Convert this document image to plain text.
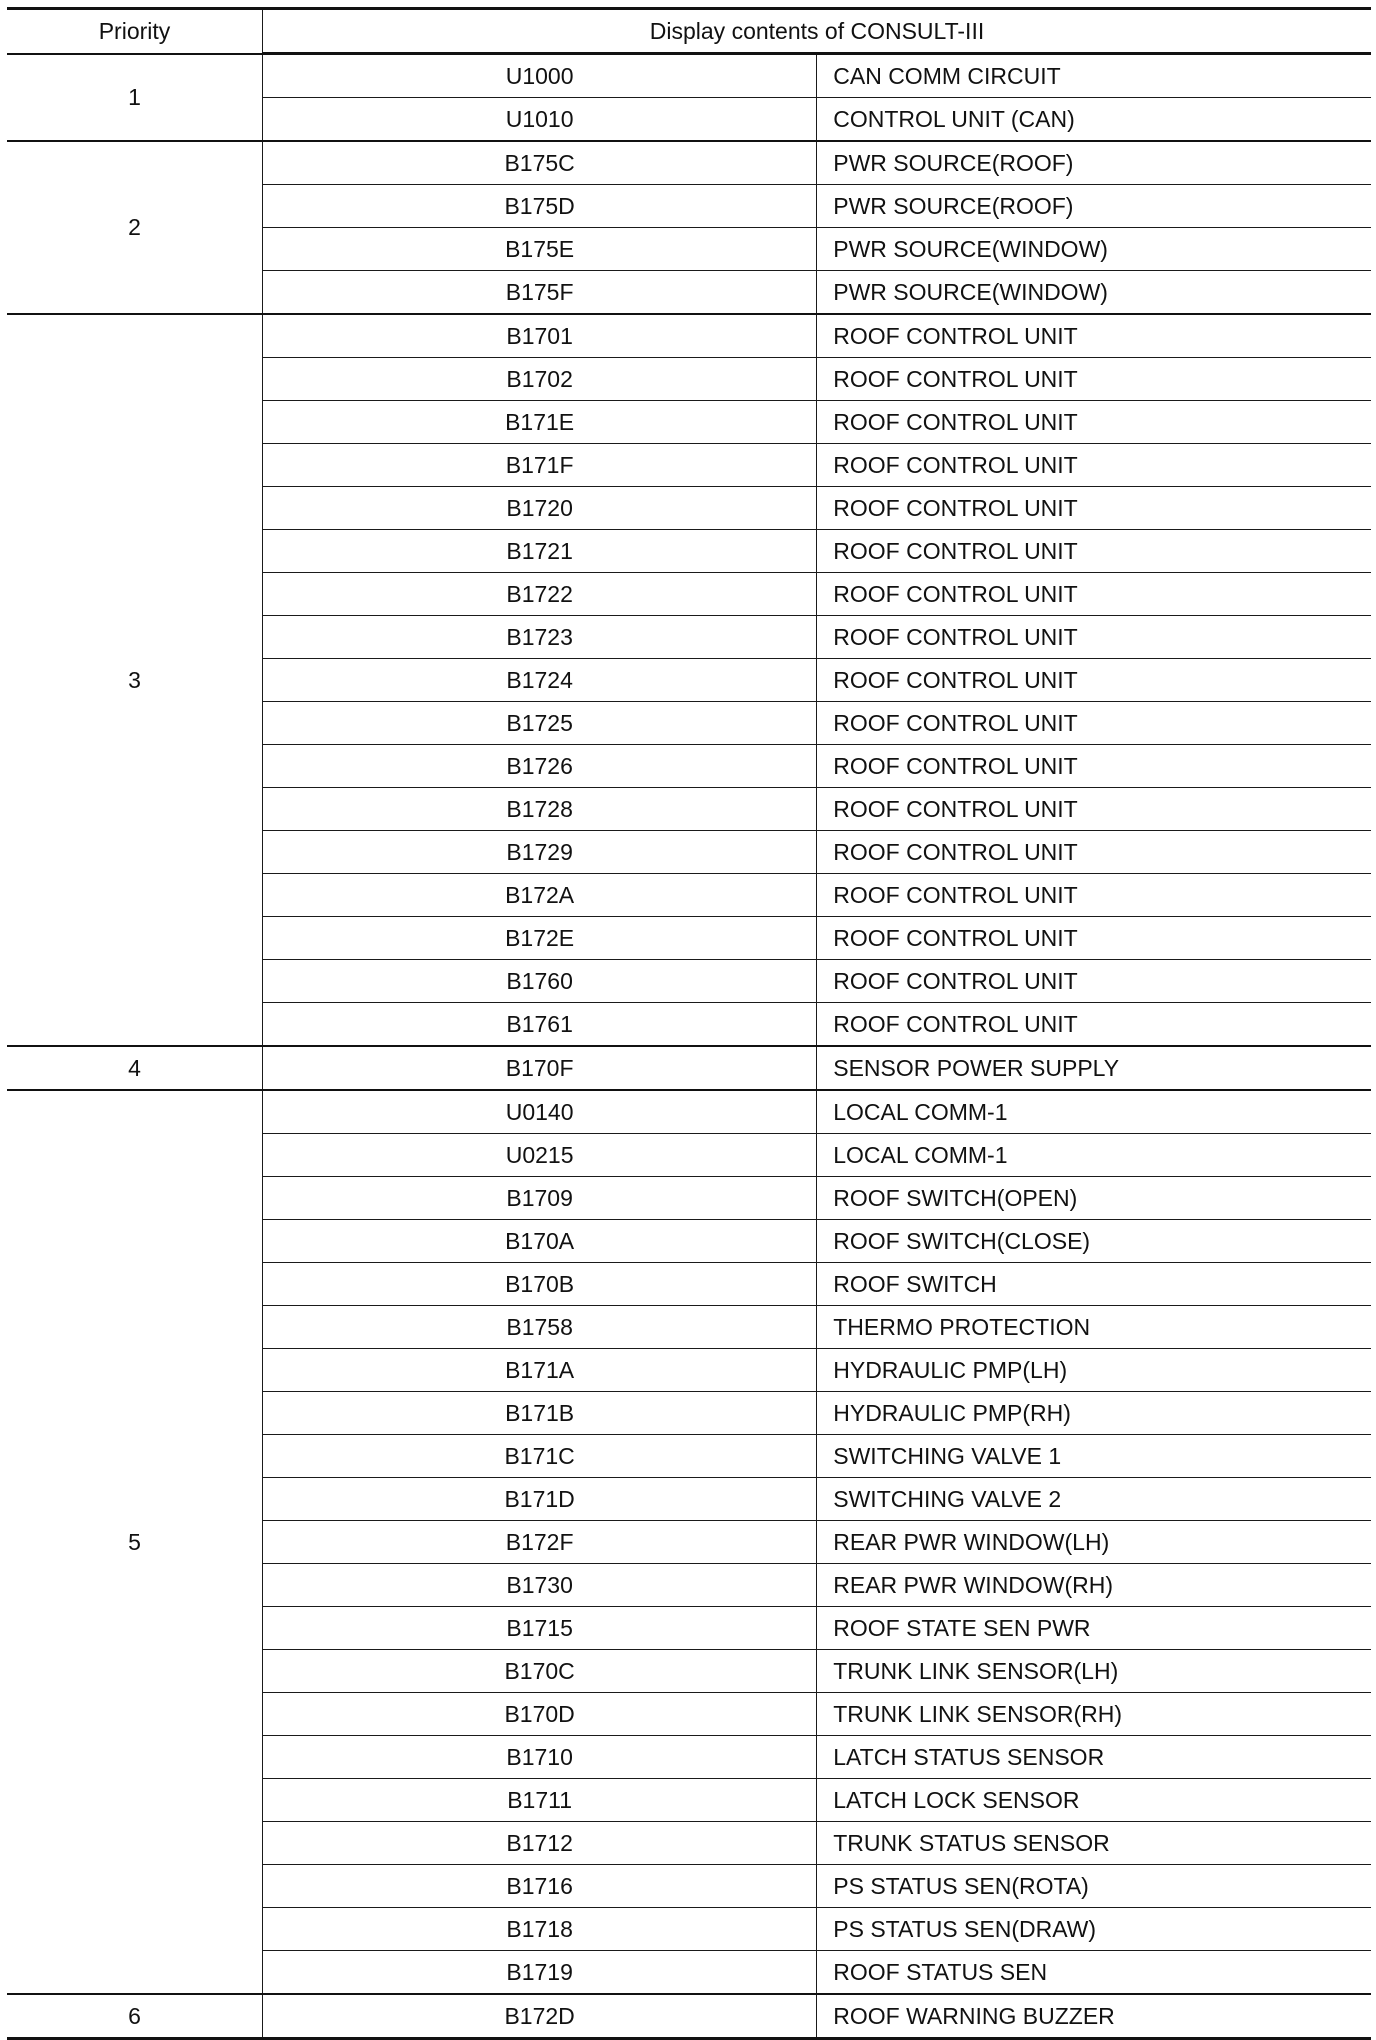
Priority	Display contents of CONSULT-III	
1	U1000	CAN COMM CIRCUIT
	U1010	CONTROL UNIT (CAN)
2	B175C	PWR SOURCE(ROOF)
	B175D	PWR SOURCE(ROOF)
	B175E	PWR SOURCE(WINDOW)
	B175F	PWR SOURCE(WINDOW)
3	B1701	ROOF CONTROL UNIT
	B1702	ROOF CONTROL UNIT
	B171E	ROOF CONTROL UNIT
	B171F	ROOF CONTROL UNIT
	B1720	ROOF CONTROL UNIT
	B1721	ROOF CONTROL UNIT
	B1722	ROOF CONTROL UNIT
	B1723	ROOF CONTROL UNIT
	B1724	ROOF CONTROL UNIT
	B1725	ROOF CONTROL UNIT
	B1726	ROOF CONTROL UNIT
	B1728	ROOF CONTROL UNIT
	B1729	ROOF CONTROL UNIT
	B172A	ROOF CONTROL UNIT
	B172E	ROOF CONTROL UNIT
	B1760	ROOF CONTROL UNIT
	B1761	ROOF CONTROL UNIT
4	B170F	SENSOR POWER SUPPLY
5	U0140	LOCAL COMM-1
	U0215	LOCAL COMM-1
	B1709	ROOF SWITCH(OPEN)
	B170A	ROOF SWITCH(CLOSE)
	B170B	ROOF SWITCH
	B1758	THERMO PROTECTION
	B171A	HYDRAULIC PMP(LH)
	B171B	HYDRAULIC PMP(RH)
	B171C	SWITCHING VALVE 1
	B171D	SWITCHING VALVE 2
	B172F	REAR PWR WINDOW(LH)
	B1730	REAR PWR WINDOW(RH)
	B1715	ROOF STATE SEN PWR
	B170C	TRUNK LINK SENSOR(LH)
	B170D	TRUNK LINK SENSOR(RH)
	B1710	LATCH STATUS SENSOR
	B1711	LATCH LOCK SENSOR
	B1712	TRUNK STATUS SENSOR
	B1716	PS STATUS SEN(ROTA)
	B1718	PS STATUS SEN(DRAW)
	B1719	ROOF STATUS SEN
6	B172D	ROOF WARNING BUZZER
